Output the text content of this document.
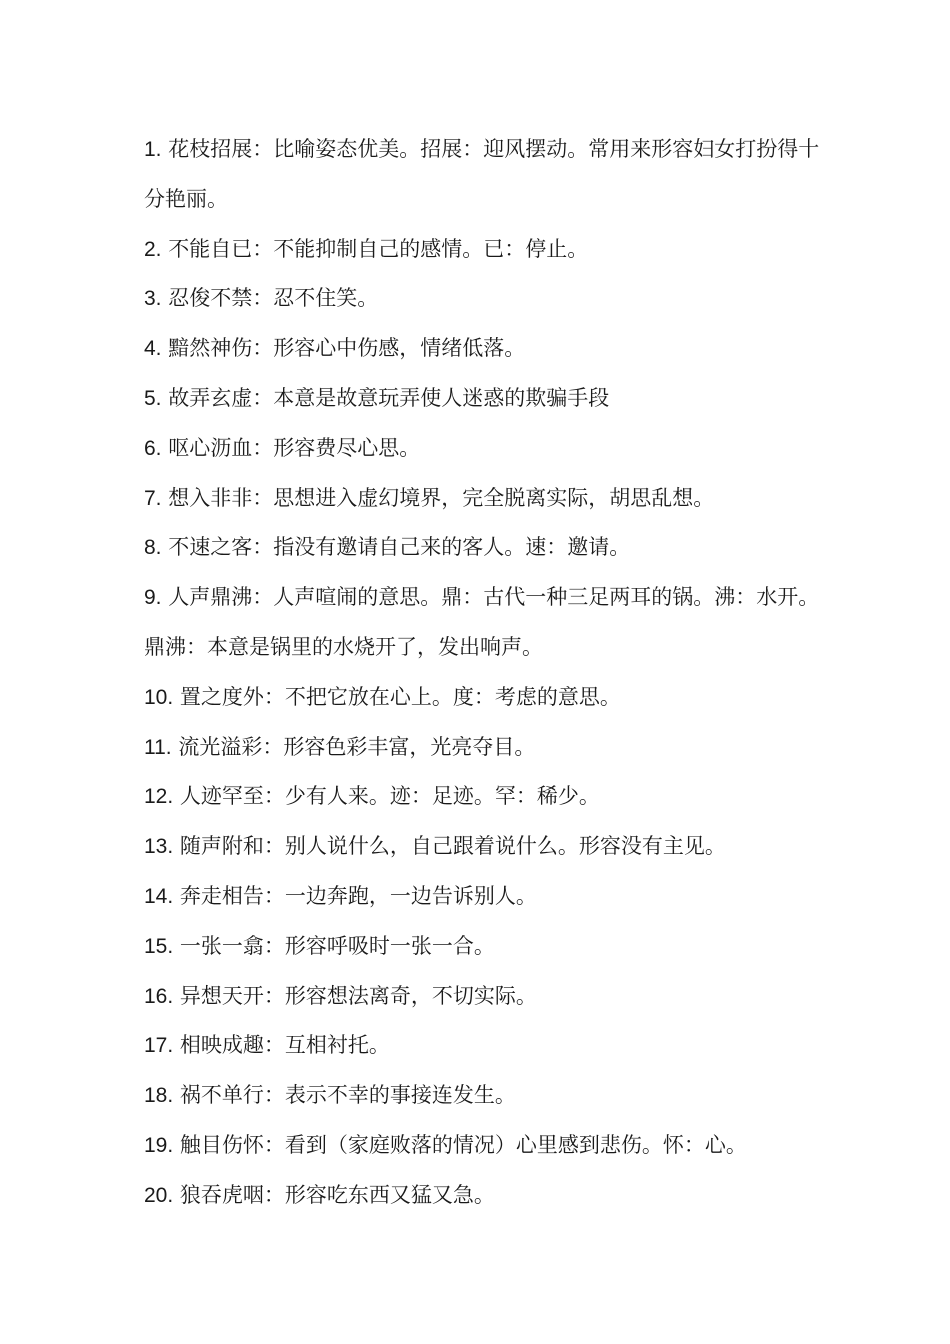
1. 花枝招展：比喻姿态优美。招展：迎风摆动。常用来形容妇女打扮得十分艳丽。

2. 不能自已：不能抑制自己的感情。已：停止。

3. 忍俊不禁：忍不住笑。

4. 黯然神伤：形容心中伤感，情绪低落。

5. 故弄玄虚：本意是故意玩弄使人迷惑的欺骗手段

6. 呕心沥血：形容费尽心思。

7. 想入非非：思想进入虚幻境界，完全脱离实际，胡思乱想。

8. 不速之客：指没有邀请自己来的客人。速：邀请。

9. 人声鼎沸：人声喧闹的意思。鼎：古代一种三足两耳的锅。沸：水开。鼎沸：本意是锅里的水烧开了，发出响声。

10. 置之度外：不把它放在心上。度：考虑的意思。

11. 流光溢彩：形容色彩丰富，光亮夺目。

12. 人迹罕至：少有人来。迹：足迹。罕：稀少。

13. 随声附和：别人说什么，自己跟着说什么。形容没有主见。

14. 奔走相告：一边奔跑，一边告诉别人。

15. 一张一翕：形容呼吸时一张一合。

16. 异想天开：形容想法离奇，不切实际。

17. 相映成趣：互相衬托。

18. 祸不单行：表示不幸的事接连发生。

19. 触目伤怀：看到（家庭败落的情况）心里感到悲伤。怀：心。

20. 狼吞虎咽：形容吃东西又猛又急。
